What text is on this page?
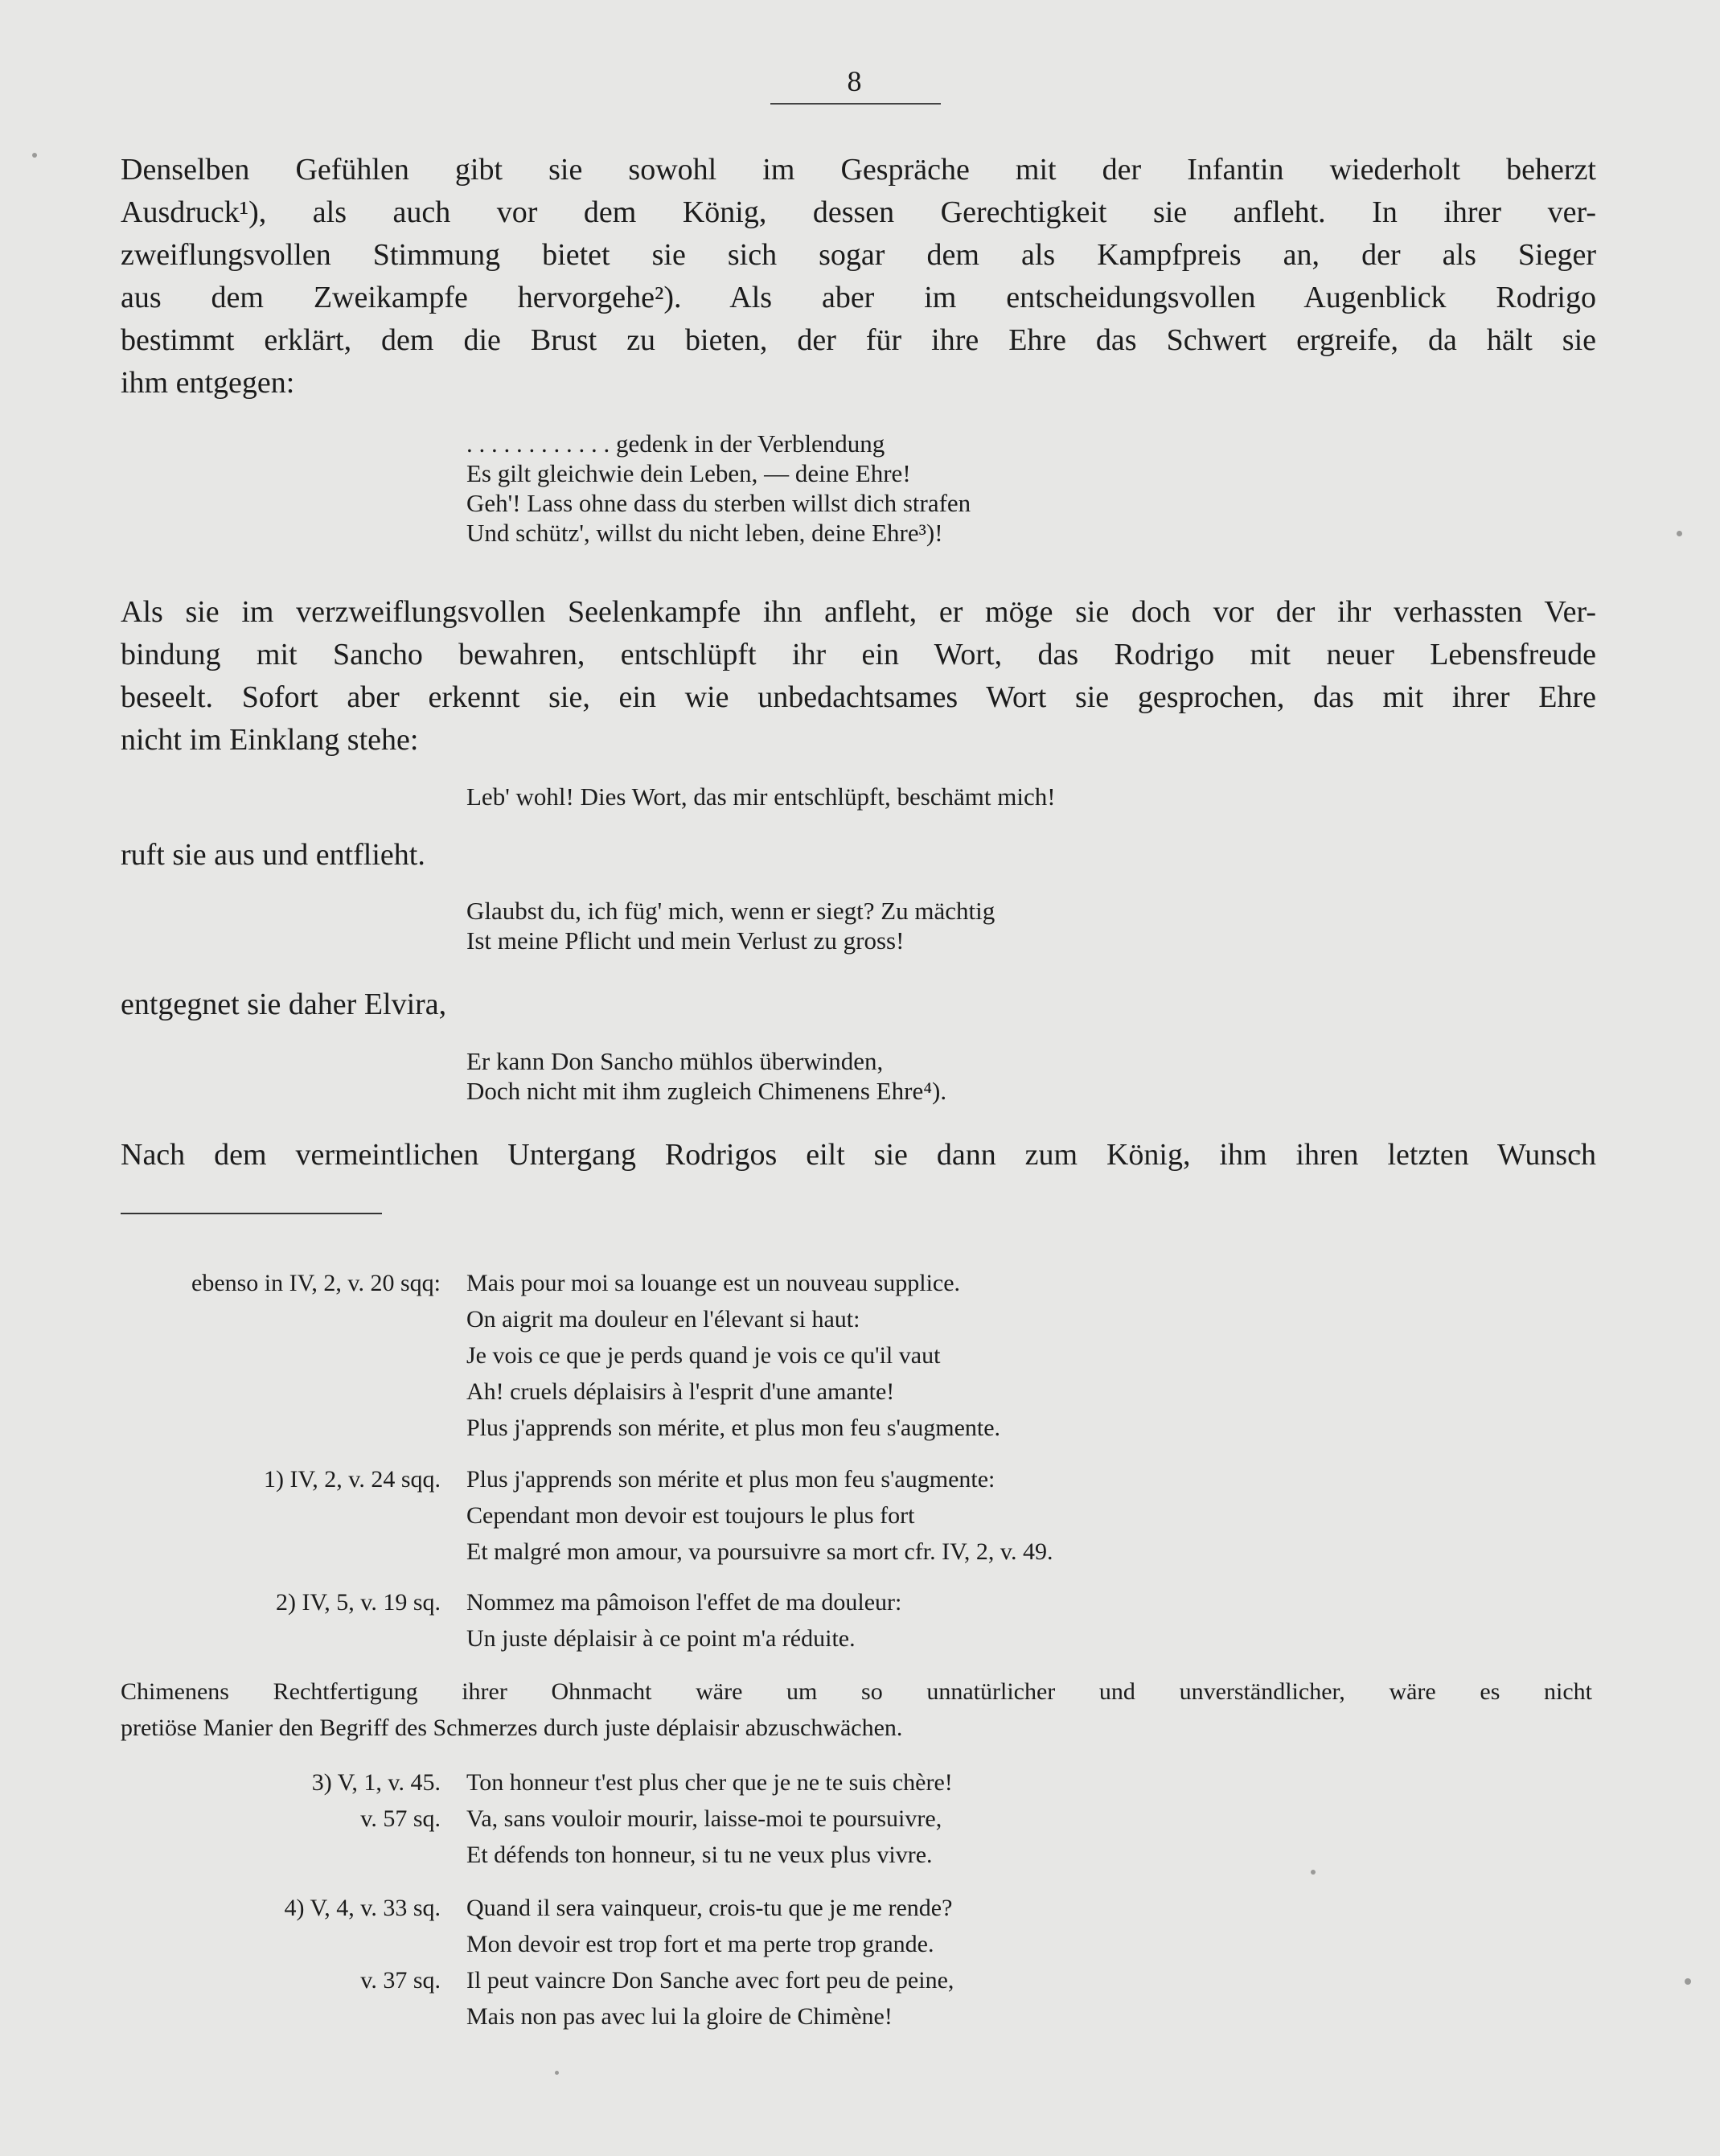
8
Denselben Gefühlen gibt sie sowohl im Gespräche mit der Infantin wiederholt beherzt
Ausdruck¹), als auch vor dem König, dessen Gerechtigkeit sie anfleht. In ihrer ver-
zweiflungsvollen Stimmung bietet sie sich sogar dem als Kampfpreis an, der als Sieger
aus dem Zweikampfe hervorgehe²). Als aber im entscheidungsvollen Augenblick Rodrigo
bestimmt erklärt, dem die Brust zu bieten, der für ihre Ehre das Schwert ergreife, da hält sie
ihm entgegen:
. . . . . . . . . . . . gedenk in der Verblendung
Es gilt gleichwie dein Leben, — deine Ehre!
Geh'! Lass ohne dass du sterben willst dich strafen
Und schütz', willst du nicht leben, deine Ehre³)!
Als sie im verzweiflungsvollen Seelenkampfe ihn anfleht, er möge sie doch vor der ihr verhassten Ver-
bindung mit Sancho bewahren, entschlüpft ihr ein Wort, das Rodrigo mit neuer Lebensfreude
beseelt. Sofort aber erkennt sie, ein wie unbedachtsames Wort sie gesprochen, das mit ihrer Ehre
nicht im Einklang stehe:
Leb' wohl! Dies Wort, das mir entschlüpft, beschämt mich!
ruft sie aus und entflieht.
Glaubst du, ich füg' mich, wenn er siegt? Zu mächtig
Ist meine Pflicht und mein Verlust zu gross!
entgegnet sie daher Elvira,
Er kann Don Sancho mühlos überwinden,
Doch nicht mit ihm zugleich Chimenens Ehre⁴).
Nach dem vermeintlichen Untergang Rodrigos eilt sie dann zum König, ihm ihren letzten Wunsch
ebenso in IV, 2, v. 20 sqq: Mais pour moi sa louange est un nouveau supplice.
On aigrit ma douleur en l'élevant si haut:
Je vois ce que je perds quand je vois ce qu'il vaut
Ah! cruels déplaisirs à l'esprit d'une amante!
Plus j'apprends son mérite, et plus mon feu s'augmente.
1) IV, 2, v. 24 sqq. Plus j'apprends son mérite et plus mon feu s'augmente:
Cependant mon devoir est toujours le plus fort
Et malgré mon amour, va poursuivre sa mort cfr. IV, 2, v. 49.
2) IV, 5, v. 19 sq. Nommez ma pâmoison l'effet de ma douleur:
Un juste déplaisir à ce point m'a réduite.
Chimenens Rechtfertigung ihrer Ohnmacht wäre um so unnatürlicher und unverständlicher, wäre es nicht
pretiöse Manier den Begriff des Schmerzes durch juste déplaisir abzuschwächen.
3) V, 1, v. 45. Ton honneur t'est plus cher que je ne te suis chère!
v. 57 sq. Va, sans vouloir mourir, laisse-moi te poursuivre,
Et défends ton honneur, si tu ne veux plus vivre.
4) V, 4, v. 33 sq. Quand il sera vainqueur, crois-tu que je me rende?
Mon devoir est trop fort et ma perte trop grande.
v. 37 sq. Il peut vaincre Don Sanche avec fort peu de peine,
Mais non pas avec lui la gloire de Chimène!
